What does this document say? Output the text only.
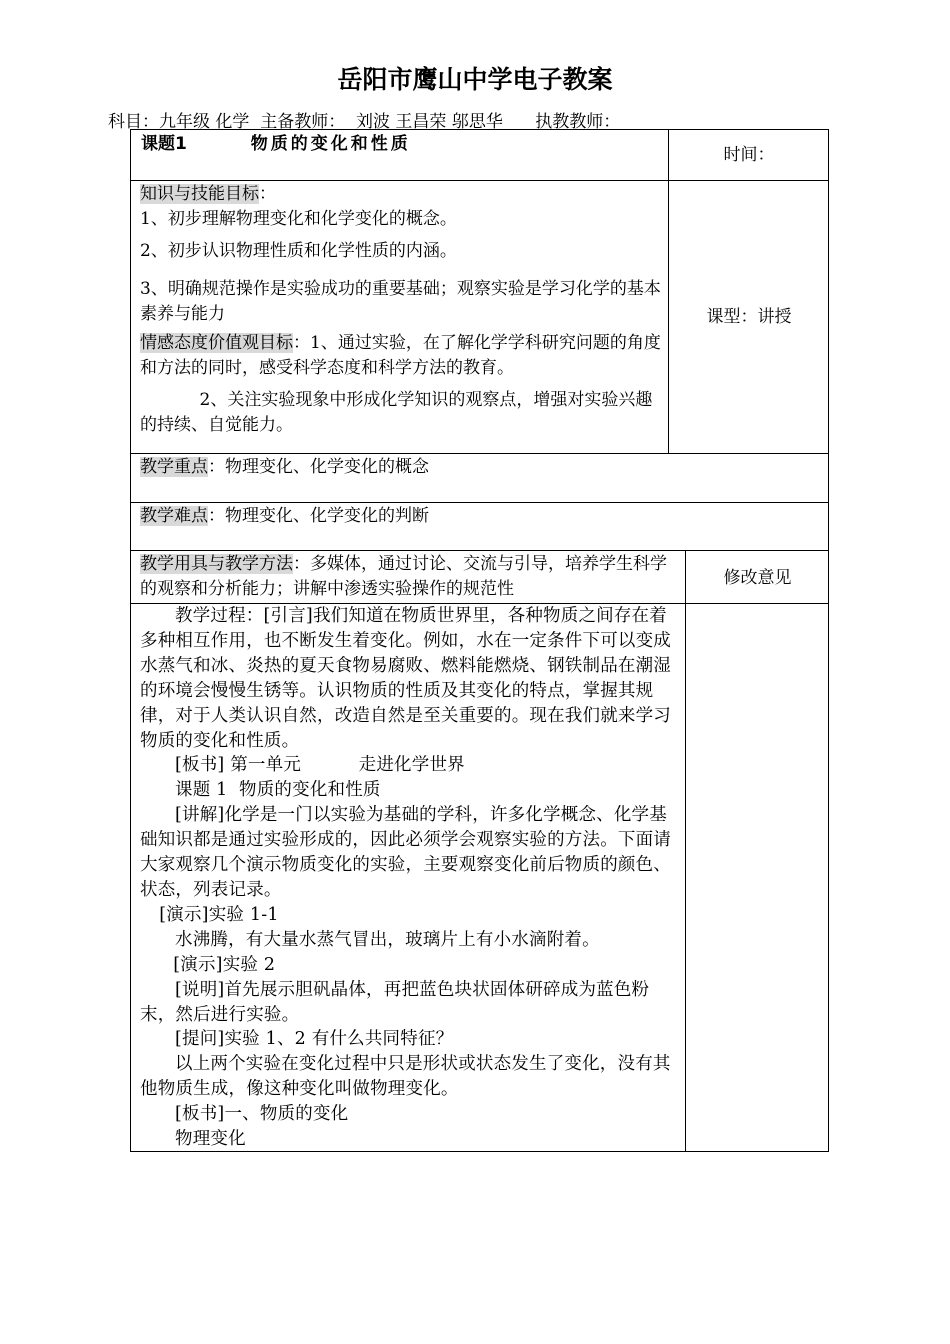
岳阳市鹰山中学电子教案
科目：九年级 化学  主备教师：  刘波 王昌荣 邬思华      执教教师：
课题1	物质的变化和性质
时间：

知识与技能目标：

1、初步理解物理变化和化学变化的概念。

2、初步认识物理性质和化学性质的内涵。

3、明确规范操作是实验成功的重要基础；观察实验是学习化学的基本素养与能力

情感态度价值观目标：1、通过实验，在了解化学学科研究问题的角度和方法的同时，感受科学态度和科学方法的教育。

2、关注实验现象中形成化学知识的观察点，增强对实验兴趣的持续、自觉能力。

课型：讲授
教学重点：物理变化、化学变化的概念
教学难点：物理变化、化学变化的判断
教学用具与教学方法：多媒体，通过讨论、交流与引导，培养学生科学的观察和分析能力；讲解中渗透实验操作的规范性
修改意见

教学过程：[引言]我们知道在物质世界里，各种物质之间存在着多种相互作用，也不断发生着变化。例如，水在一定条件下可以变成水蒸气和冰、炎热的夏天食物易腐败、燃料能燃烧、钢铁制品在潮湿的环境会慢慢生锈等。认识物质的性质及其变化的特点，掌握其规律，对于人类认识自然，改造自然是至关重要的。现在我们就来学习物质的变化和性质。

[板书] 第一单元          走进化学世界

课题 1  物质的变化和性质

[讲解]化学是一门以实验为基础的学科，许多化学概念、化学基础知识都是通过实验形成的，因此必须学会观察实验的方法。下面请大家观察几个演示物质变化的实验，主要观察变化前后物质的颜色、状态，列表记录。

[演示]实验 1-1

水沸腾，有大量水蒸气冒出，玻璃片上有小水滴附着。

[演示]实验 2

[说明]首先展示胆矾晶体，再把蓝色块状固体研碎成为蓝色粉末，然后进行实验。

[提问]实验 1、2 有什么共同特征？

以上两个实验在变化过程中只是形状或状态发生了变化，没有其他物质生成，像这种变化叫做物理变化。

[板书]一、物质的变化

物理变化
